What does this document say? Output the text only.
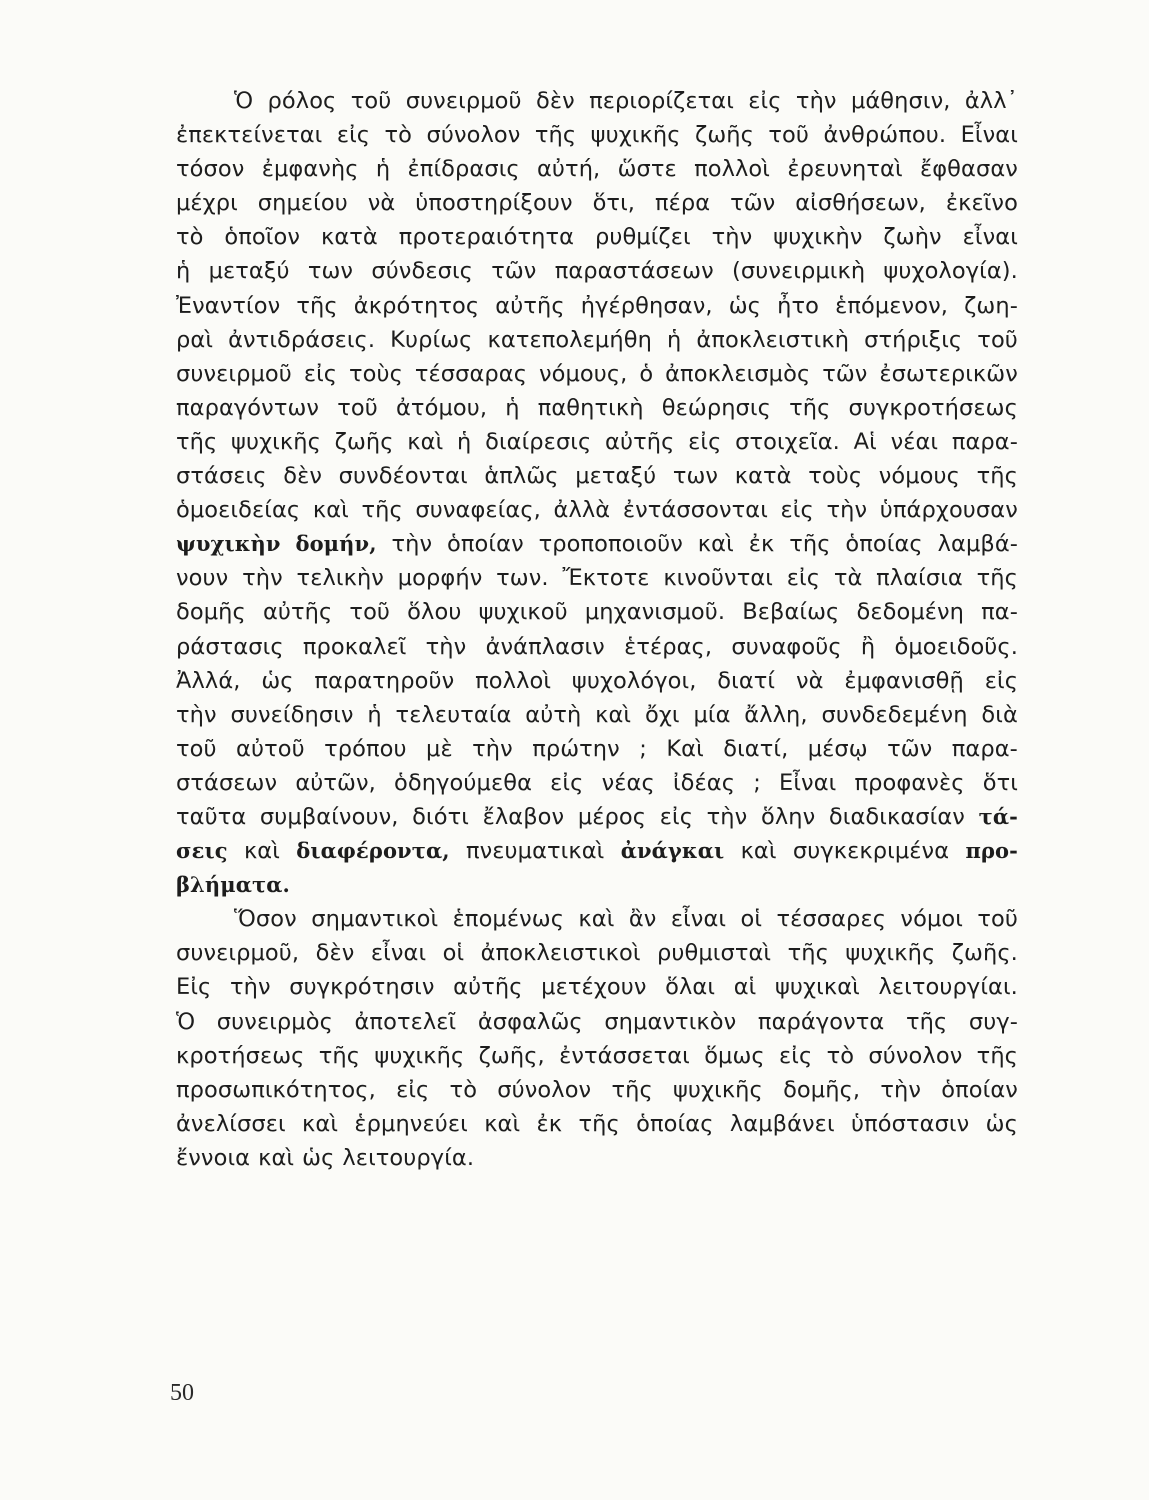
Ὁ ρόλος τοῦ συνειρμοῦ δὲν περιορίζεται εἰς τὴν μάθησιν, ἀλλ᾽
ἐπεκτείνεται εἰς τὸ σύνολον τῆς ψυχικῆς ζωῆς τοῦ ἀνθρώπου. Εἶναι
τόσον ἐμφανὴς ἡ ἐπίδρασις αὐτή, ὥστε πολλοὶ ἐρευνηταὶ ἔφθασαν
μέχρι σημείου νὰ ὑποστηρίξουν ὅτι, πέρα τῶν αἰσθήσεων, ἐκεῖνο
τὸ ὁποῖον κατὰ προτεραιότητα ρυθμίζει τὴν ψυχικὴν ζωὴν εἶναι
ἡ μεταξύ των σύνδεσις τῶν παραστάσεων (συνειρμικὴ ψυχολογία).
Ἐναντίον τῆς ἀκρότητος αὐτῆς ἠγέρθησαν, ὡς ἦτο ἑπόμενον, ζωη-
ραὶ ἀντιδράσεις. Κυρίως κατεπολεμήθη ἡ ἀποκλειστικὴ στήριξις τοῦ
συνειρμοῦ εἰς τοὺς τέσσαρας νόμους, ὁ ἀποκλεισμὸς τῶν ἐσωτερικῶν
παραγόντων τοῦ ἀτόμου, ἡ παθητικὴ θεώρησις τῆς συγκροτήσεως
τῆς ψυχικῆς ζωῆς καὶ ἡ διαίρεσις αὐτῆς εἰς στοιχεῖα. Αἱ νέαι παρα-
στάσεις δὲν συνδέονται ἁπλῶς μεταξύ των κατὰ τοὺς νόμους τῆς
ὁμοειδείας καὶ τῆς συναφείας, ἀλλὰ ἐντάσσονται εἰς τὴν ὑπάρχουσαν
ψυχικὴν δομήν, τὴν ὁποίαν τροποποιοῦν καὶ ἐκ τῆς ὁποίας λαμβά-
νουν τὴν τελικὴν μορφήν των. Ἔκτοτε κινοῦνται εἰς τὰ πλαίσια τῆς
δομῆς αὐτῆς τοῦ ὅλου ψυχικοῦ μηχανισμοῦ. Βεβαίως δεδομένη πα-
ράστασις προκαλεῖ τὴν ἀνάπλασιν ἑτέρας, συναφοῦς ἢ ὁμοειδοῦς.
Ἀλλά, ὡς παρατηροῦν πολλοὶ ψυχολόγοι, διατί νὰ ἐμφανισθῇ εἰς
τὴν συνείδησιν ἡ τελευταία αὐτὴ καὶ ὄχι μία ἄλλη, συνδεδεμένη διὰ
τοῦ αὐτοῦ τρόπου μὲ τὴν πρώτην ; Καὶ διατί, μέσῳ τῶν παρα-
στάσεων αὐτῶν, ὁδηγούμεθα εἰς νέας ἰδέας ; Εἶναι προφανὲς ὅτι
ταῦτα συμβαίνουν, διότι ἔλαβον μέρος εἰς τὴν ὅλην διαδικασίαν τά-
σεις καὶ διαφέροντα, πνευματικαὶ ἀνάγκαι καὶ συγκεκριμένα προ-
βλήματα.
Ὅσον σημαντικοὶ ἑπομένως καὶ ἂν εἶναι οἱ τέσσαρες νόμοι τοῦ
συνειρμοῦ, δὲν εἶναι οἱ ἀποκλειστικοὶ ρυθμισταὶ τῆς ψυχικῆς ζωῆς.
Εἰς τὴν συγκρότησιν αὐτῆς μετέχουν ὅλαι αἱ ψυχικαὶ λειτουργίαι.
Ὁ συνειρμὸς ἀποτελεῖ ἀσφαλῶς σημαντικὸν παράγοντα τῆς συγ-
κροτήσεως τῆς ψυχικῆς ζωῆς, ἐντάσσεται ὅμως εἰς τὸ σύνολον τῆς
προσωπικότητος, εἰς τὸ σύνολον τῆς ψυχικῆς δομῆς, τὴν ὁποίαν
ἀνελίσσει καὶ ἑρμηνεύει καὶ ἐκ τῆς ὁποίας λαμβάνει ὑπόστασιν ὡς
ἔννοια καὶ ὡς λειτουργία.
50
